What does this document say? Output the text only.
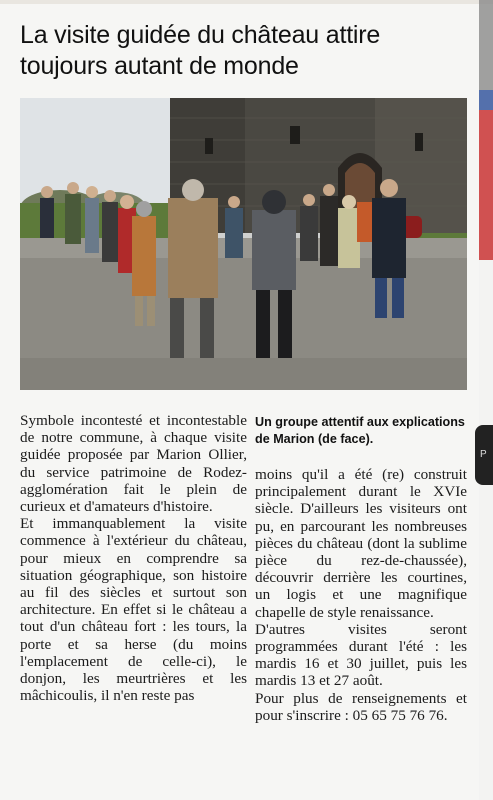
P
La visite guidée du château attire toujours autant de monde
Un groupe attentif aux explications de Marion (de face).

Symbole incontesté et incontestable de notre commune, à chaque visite guidée proposée par Marion Ollier, du service patrimoine de Rodez-agglomération fait le plein de curieux et d'amateurs d'histoire.

Et immanquablement la visite commence à l'extérieur du château, pour mieux en comprendre sa situation géographique, son histoire au fil des siècles et surtout son architecture. En effet si le château a tout d'un château fort : les tours, la porte et sa herse (du moins l'emplacement de celle-ci), le donjon, les meurtrières et les mâchicoulis, il n'en reste pas

moins qu'il a été (re) construit principalement durant le XVIe siècle. D'ailleurs les visiteurs ont pu, en parcourant les nombreuses pièces du château (dont la sublime pièce du rez-de-chaussée), découvrir derrière les courtines, un logis et une magnifique chapelle de style renaissance.

D'autres visites seront programmées durant l'été : les mardis 16 et 30 juillet, puis les mardis 13 et 27 août.

Pour plus de renseignements et pour s'inscrire : 05 65 75 76 76.
